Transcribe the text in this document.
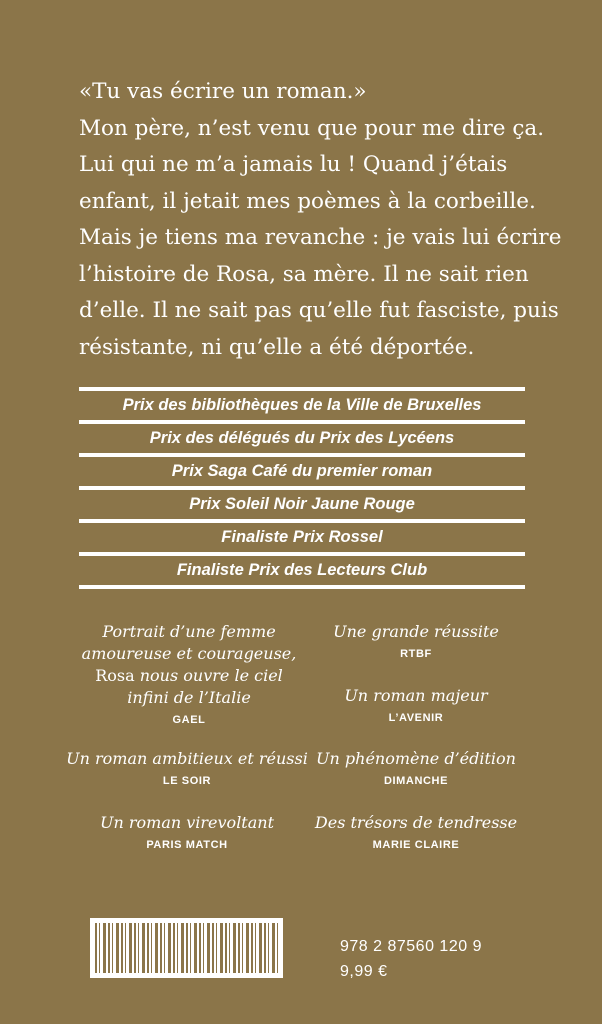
«Tu vas écrire un roman.»
Mon père, n’est venu que pour me dire ça.
Lui qui ne m’a jamais lu ! Quand j’étais
enfant, il jetait mes poèmes à la corbeille.
Mais je tiens ma revanche : je vais lui écrire
l’histoire de Rosa, sa mère. Il ne sait rien
d’elle. Il ne sait pas qu’elle fut fasciste, puis
résistante, ni qu’elle a été déportée.

Prix des bibliothèques de la Ville de Bruxelles
Prix des délégués du Prix des Lycéens
Prix Saga Café du premier roman
Prix Soleil Noir Jaune Rouge
Finaliste Prix Rossel
Finaliste Prix des Lecteurs Club
Portrait d’une femme
amoureuse et courageuse,
Rosa nous ouvre le ciel
infini de l’Italie
GAEL
Une grande réussite
RTBF
Un roman majeur
L’AVENIR
Un roman ambitieux et réussi
LE SOIR
Un phénomène d’édition
DIMANCHE
Un roman virevoltant
PARIS MATCH
Des trésors de tendresse
MARIE CLAIRE
978 2 87560 120 9
9,99 €
